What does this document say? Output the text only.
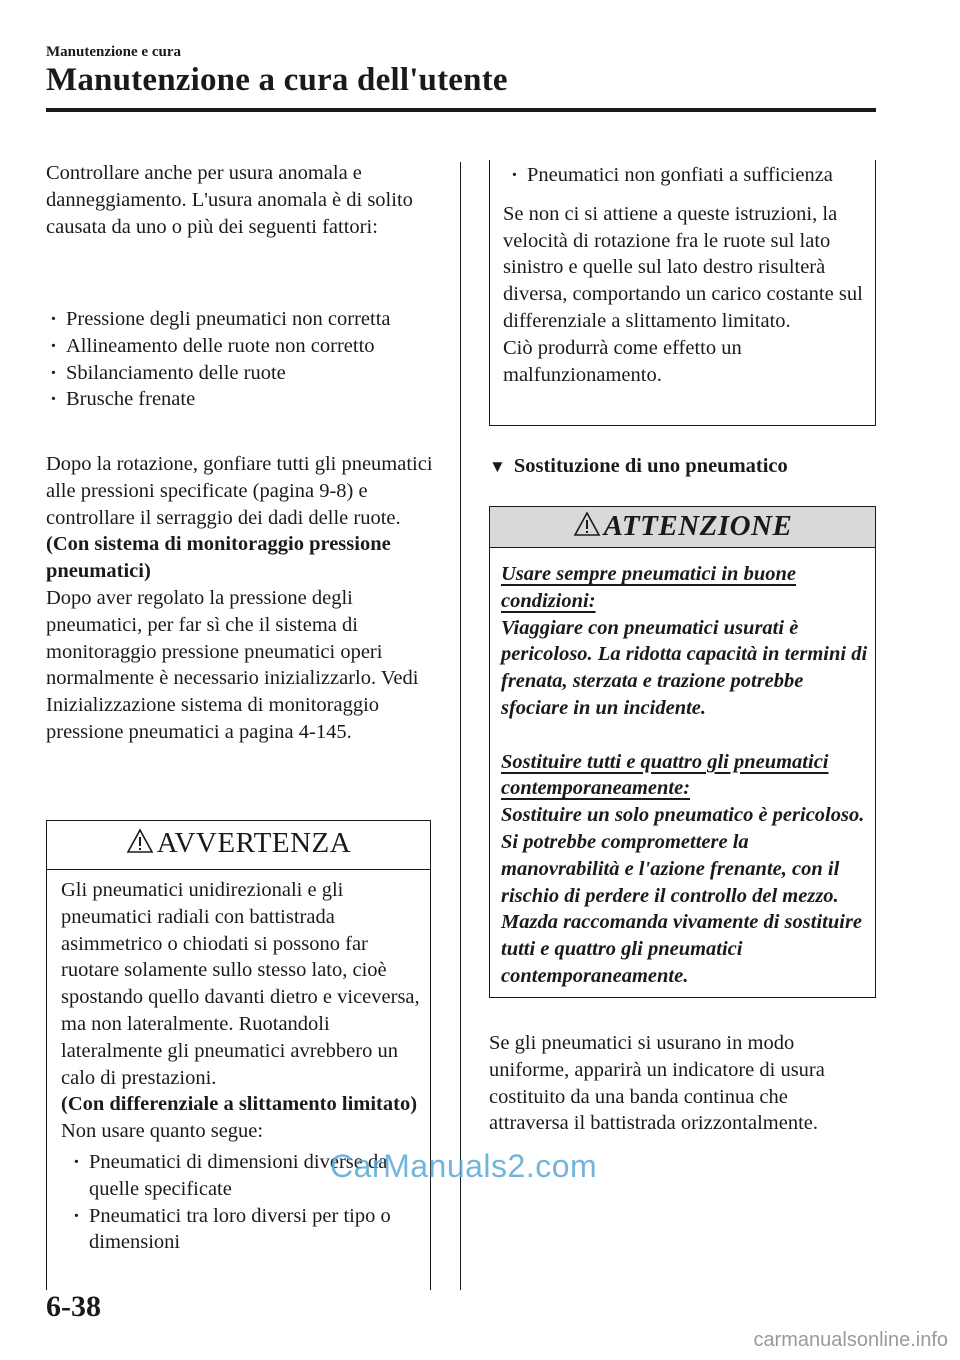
Manutenzione e cura
Manutenzione a cura dell'utente
Controllare anche per usura anomala e danneggiamento. L'usura anomala è di solito causata da uno o più dei seguenti fattori:
· Pressione degli pneumatici non corretta
· Allineamento delle ruote non corretto
· Sbilanciamento delle ruote
· Brusche frenate
Dopo la rotazione, gonfiare tutti gli pneumatici alle pressioni specificate (pagina 9-8) e controllare il serraggio dei dadi delle ruote.
(Con sistema di monitoraggio pressione pneumatici)
Dopo aver regolato la pressione degli pneumatici, per far sì che il sistema di monitoraggio pressione pneumatici operi normalmente è necessario inizializzarlo. Vedi Inizializzazione sistema di monitoraggio pressione pneumatici a pagina 4-145.
AVVERTENZA
Gli pneumatici unidirezionali e gli pneumatici radiali con battistrada asimmetrico o chiodati si possono far ruotare solamente sullo stesso lato, cioè spostando quello davanti dietro e viceversa, ma non lateralmente. Ruotandoli lateralmente gli pneumatici avrebbero un calo di prestazioni.
(Con differenziale a slittamento limitato)
Non usare quanto segue:
· Pneumatici di dimensioni diverse da quelle specificate
· Pneumatici tra loro diversi per tipo o dimensioni
· Pneumatici non gonfiati a sufficienza
Se non ci si attiene a queste istruzioni, la velocità di rotazione fra le ruote sul lato sinistro e quelle sul lato destro risulterà diversa, comportando un carico costante sul differenziale a slittamento limitato.
Ciò produrrà come effetto un malfunzionamento.
▼ Sostituzione di uno pneumatico
ATTENZIONE
Usare sempre pneumatici in buone condizioni:
Viaggiare con pneumatici usurati è pericoloso. La ridotta capacità in termini di frenata, sterzata e trazione potrebbe sfociare in un incidente.
Sostituire tutti e quattro gli pneumatici contemporaneamente:
Sostituire un solo pneumatico è pericoloso. Si potrebbe compromettere la manovrabilità e l'azione frenante, con il rischio di perdere il controllo del mezzo. Mazda raccomanda vivamente di sostituire tutti e quattro gli pneumatici contemporaneamente.
Se gli pneumatici si usurano in modo uniforme, apparirà un indicatore di usura costituito da una banda continua che attraversa il battistrada orizzontalmente.
6-38
CarManuals2.com
carmanualsonline.info
